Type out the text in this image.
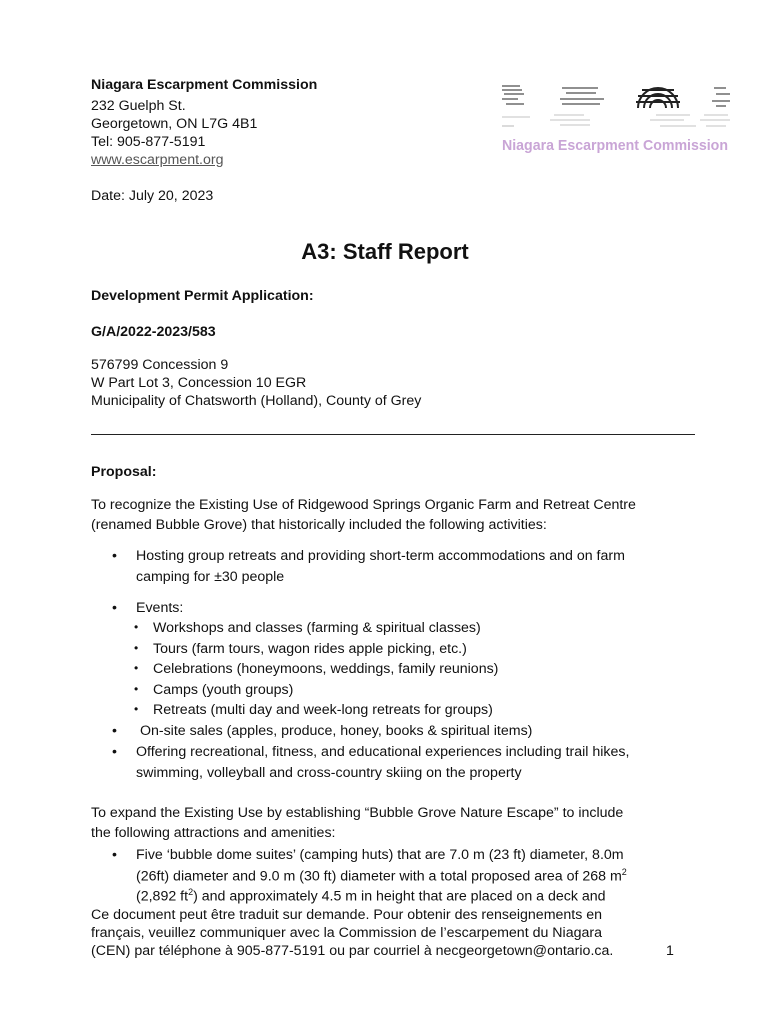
Niagara Escarpment Commission
232 Guelph St.
Georgetown, ON L7G 4B1
Tel: 905-877-5191
www.escarpment.org
Date: July 20, 2023
Niagara Escarpment Commission
A3: Staff Report
Development Permit Application:
G/A/2022-2023/583
576799 Concession 9
W Part Lot 3, Concession 10 EGR
Municipality of Chatsworth (Holland), County of Grey
Proposal:
To recognize the Existing Use of Ridgewood Springs Organic Farm and Retreat Centre
(renamed Bubble Grove) that historically included the following activities:
• Hosting group retreats and providing short-term accommodations and on farm
camping for ±30 people
• Events:
• Workshops and classes (farming & spiritual classes)
• Tours (farm tours, wagon rides apple picking, etc.)
• Celebrations (honeymoons, weddings, family reunions)
• Camps (youth groups)
• Retreats (multi day and week-long retreats for groups)
• On-site sales (apples, produce, honey, books & spiritual items)
• Offering recreational, fitness, and educational experiences including trail hikes,
swimming, volleyball and cross-country skiing on the property
To expand the Existing Use by establishing “Bubble Grove Nature Escape” to include
the following attractions and amenities:
• Five ‘bubble dome suites’ (camping huts) that are 7.0 m (23 ft) diameter, 8.0m
(26ft) diameter and 9.0 m (30 ft) diameter with a total proposed area of 268 $m^2$
(2,892 $ft^2$) and approximately 4.5 m in height that are placed on a deck and
Ce document peut être traduit sur demande. Pour obtenir des renseignements en
français, veuillez communiquer avec la Commission de l’escarpement du Niagara
(CEN) par téléphone à 905-877-5191 ou par courriel à necgeorgetown@ontario.ca.	1
